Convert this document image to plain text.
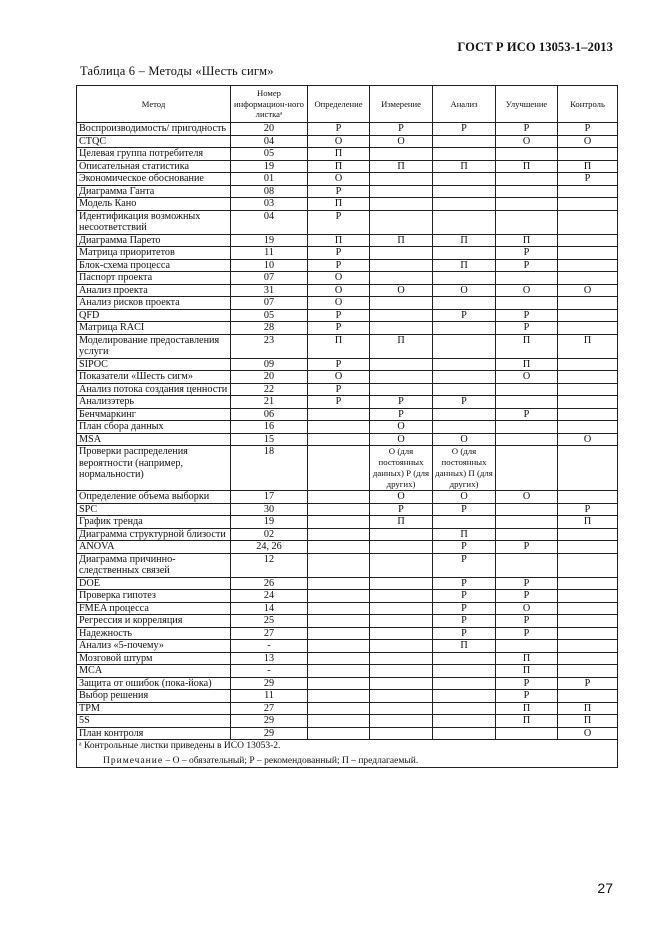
ГОСТ Р ИСО 13053-1–2013
Таблица 6 – Методы «Шесть сигм»
Метод	Номер информацион-ного листкаᵃ	Определение	Измерение	Анализ	Улучшение	Контроль
Воспроизводимость/ пригодность	20	Р	Р	Р	Р	Р
CTQC	04	О	О		О	О
Целевая группа потребителя	05	П				
Описательная статистика	19	П	П	П	П	П
Экономическое обоснование	01	О				Р
Диаграмма Ганта	08	Р				
Модель Кано	03	П				
Идентификация возможных несоответствий	04	Р				
Диаграмма Парето	19	П	П	П	П	
Матрица приоритетов	11	Р			Р	
Блок-схема процесса	10	Р		П	Р	
Паспорт проекта	07	О				
Анализ проекта	31	О	О	О	О	О
Анализ рисков проекта	07	О				
QFD	05	Р		Р	Р	
Матрица RACI	28	Р			Р	
Моделирование предоставления услуги	23	П	П		П	П
SIPOC	09	Р			П	
Показатели «Шесть сигм»	20	О			О	
Анализ потока создания ценности	22	Р				
Анализэтерь	21	Р	Р	Р		
Бенчмаркинг	06		Р		Р	
План сбора данных	16		О			
MSA	15		О	О		О
Проверки распределения вероятности (например, нормальности)	18		О (для постоянных данных) Р (для других)	О (для постоянных данных) П (для других)		
Определение объема выборки	17		О	О	О	
SPC	30		Р	Р		Р
График тренда	19		П			П
Диаграмма структурной близости	02			П		
ANOVA	24, 26			Р	Р	
Диаграмма причинно-следственных связей	12			Р		
DOE	26			Р	Р	
Проверка гипотез	24			Р	Р	
FMEA процесса	14			Р	О	
Регрессия и корреляция	25			Р	Р	
Надежность	27			Р	Р	
Анализ «5-почему»	-			П		
Мозговой штурм	13				П	
MCA	-				П	
Защита от ошибок (пока-йока)	29				Р	Р
Выбор решения	11				Р	
TPM	27				П	П
5S	29				П	П
План контроля	29					О

ᵃ Контрольные листки приведены в ИСО 13053-2.
Примечание – О – обязательный; Р – рекомендованный; П – предлагаемый.						
27
